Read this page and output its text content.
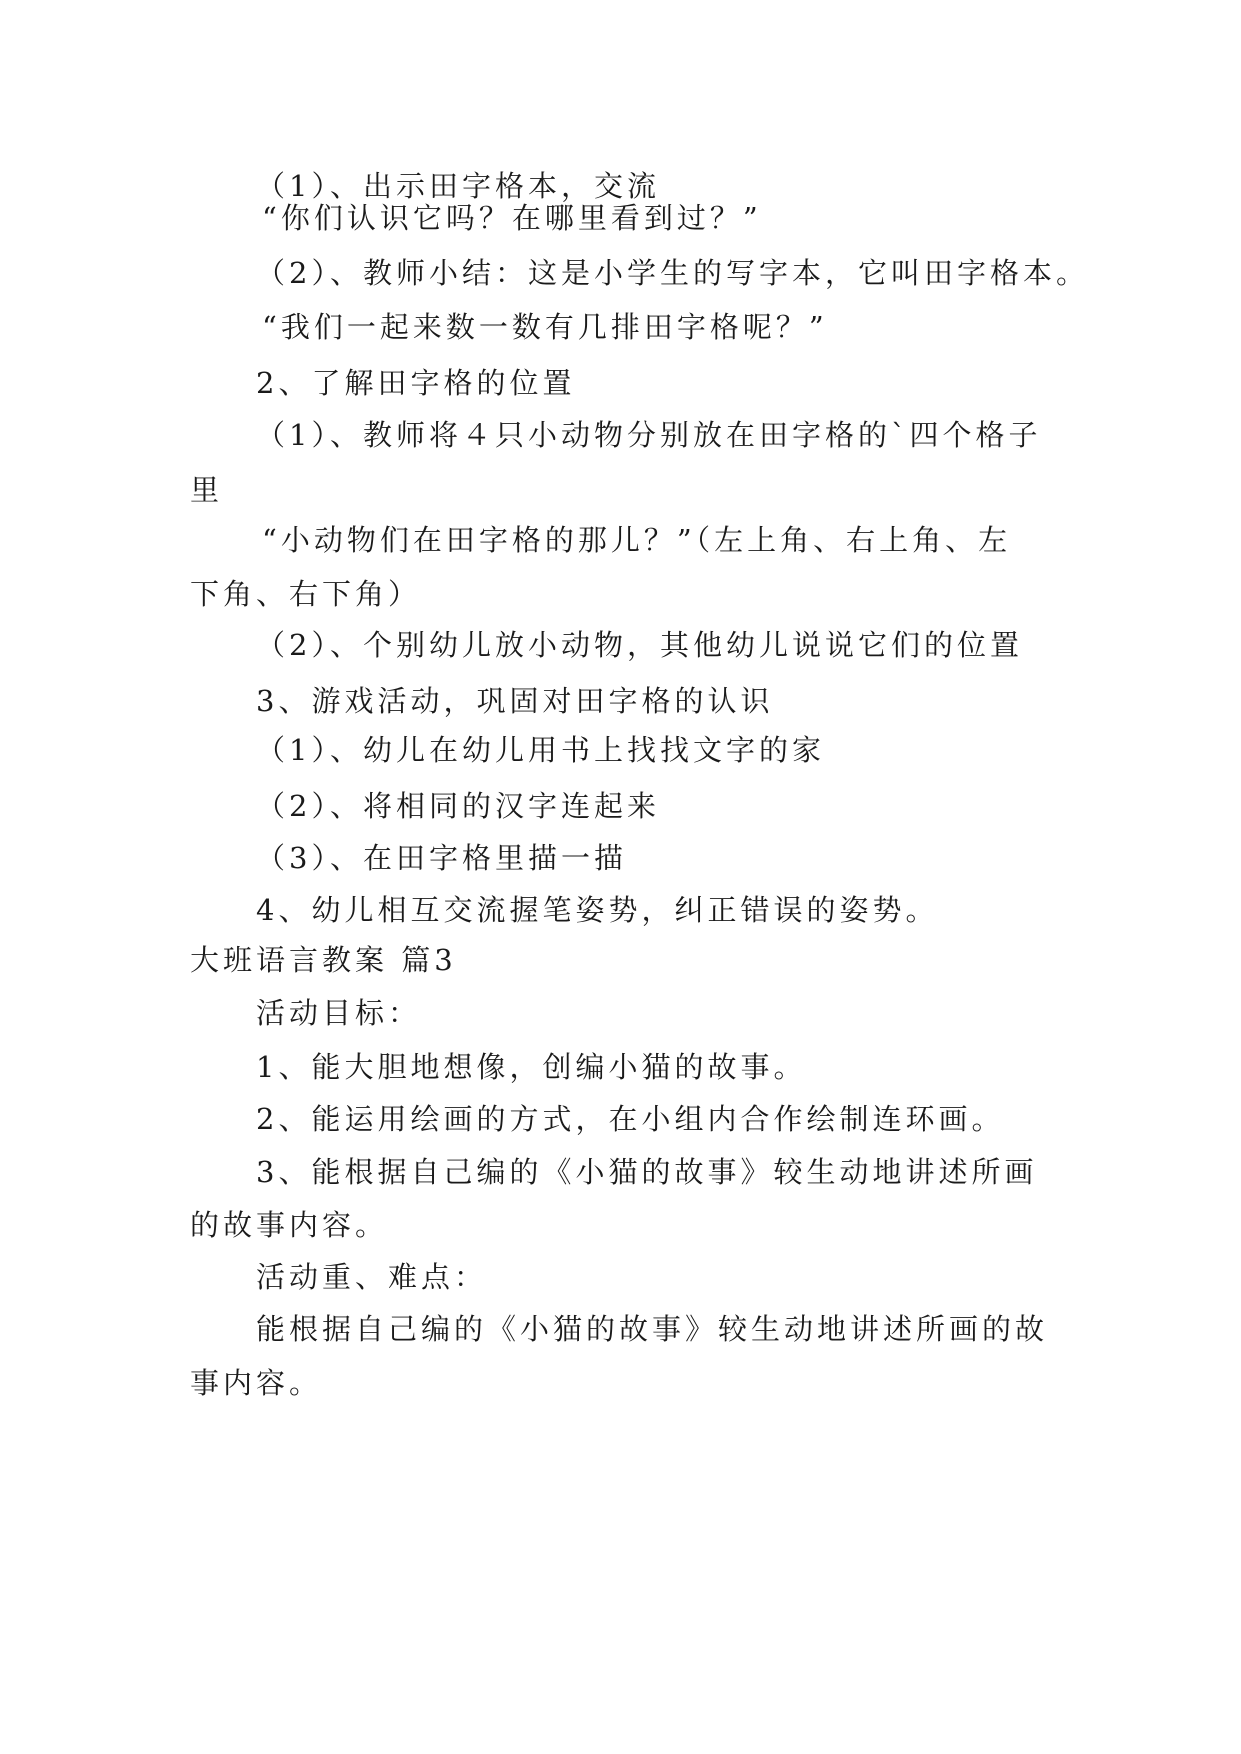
（1）、出示田字格本，交流
“你们认识它吗？在哪里看到过？”
（2）、教师小结：这是小学生的写字本，它叫田字格本。
“我们一起来数一数有几排田字格呢？”
2、了解田字格的位置
（1）、教师将４只小动物分别放在田字格的`四个格子
里
“小动物们在田字格的那儿？”（左上角、右上角、左
下角、右下角）
（2）、个别幼儿放小动物，其他幼儿说说它们的位置
3、游戏活动，巩固对田字格的认识
（1）、幼儿在幼儿用书上找找文字的家
（2）、将相同的汉字连起来
（3）、在田字格里描一描
4、幼儿相互交流握笔姿势，纠正错误的姿势。
大班语言教案 篇3
活动目标：
1、能大胆地想像，创编小猫的故事。
2、能运用绘画的方式，在小组内合作绘制连环画。
3、能根据自己编的《小猫的故事》较生动地讲述所画
的故事内容。
活动重、难点：
能根据自己编的《小猫的故事》较生动地讲述所画的故
事内容。
